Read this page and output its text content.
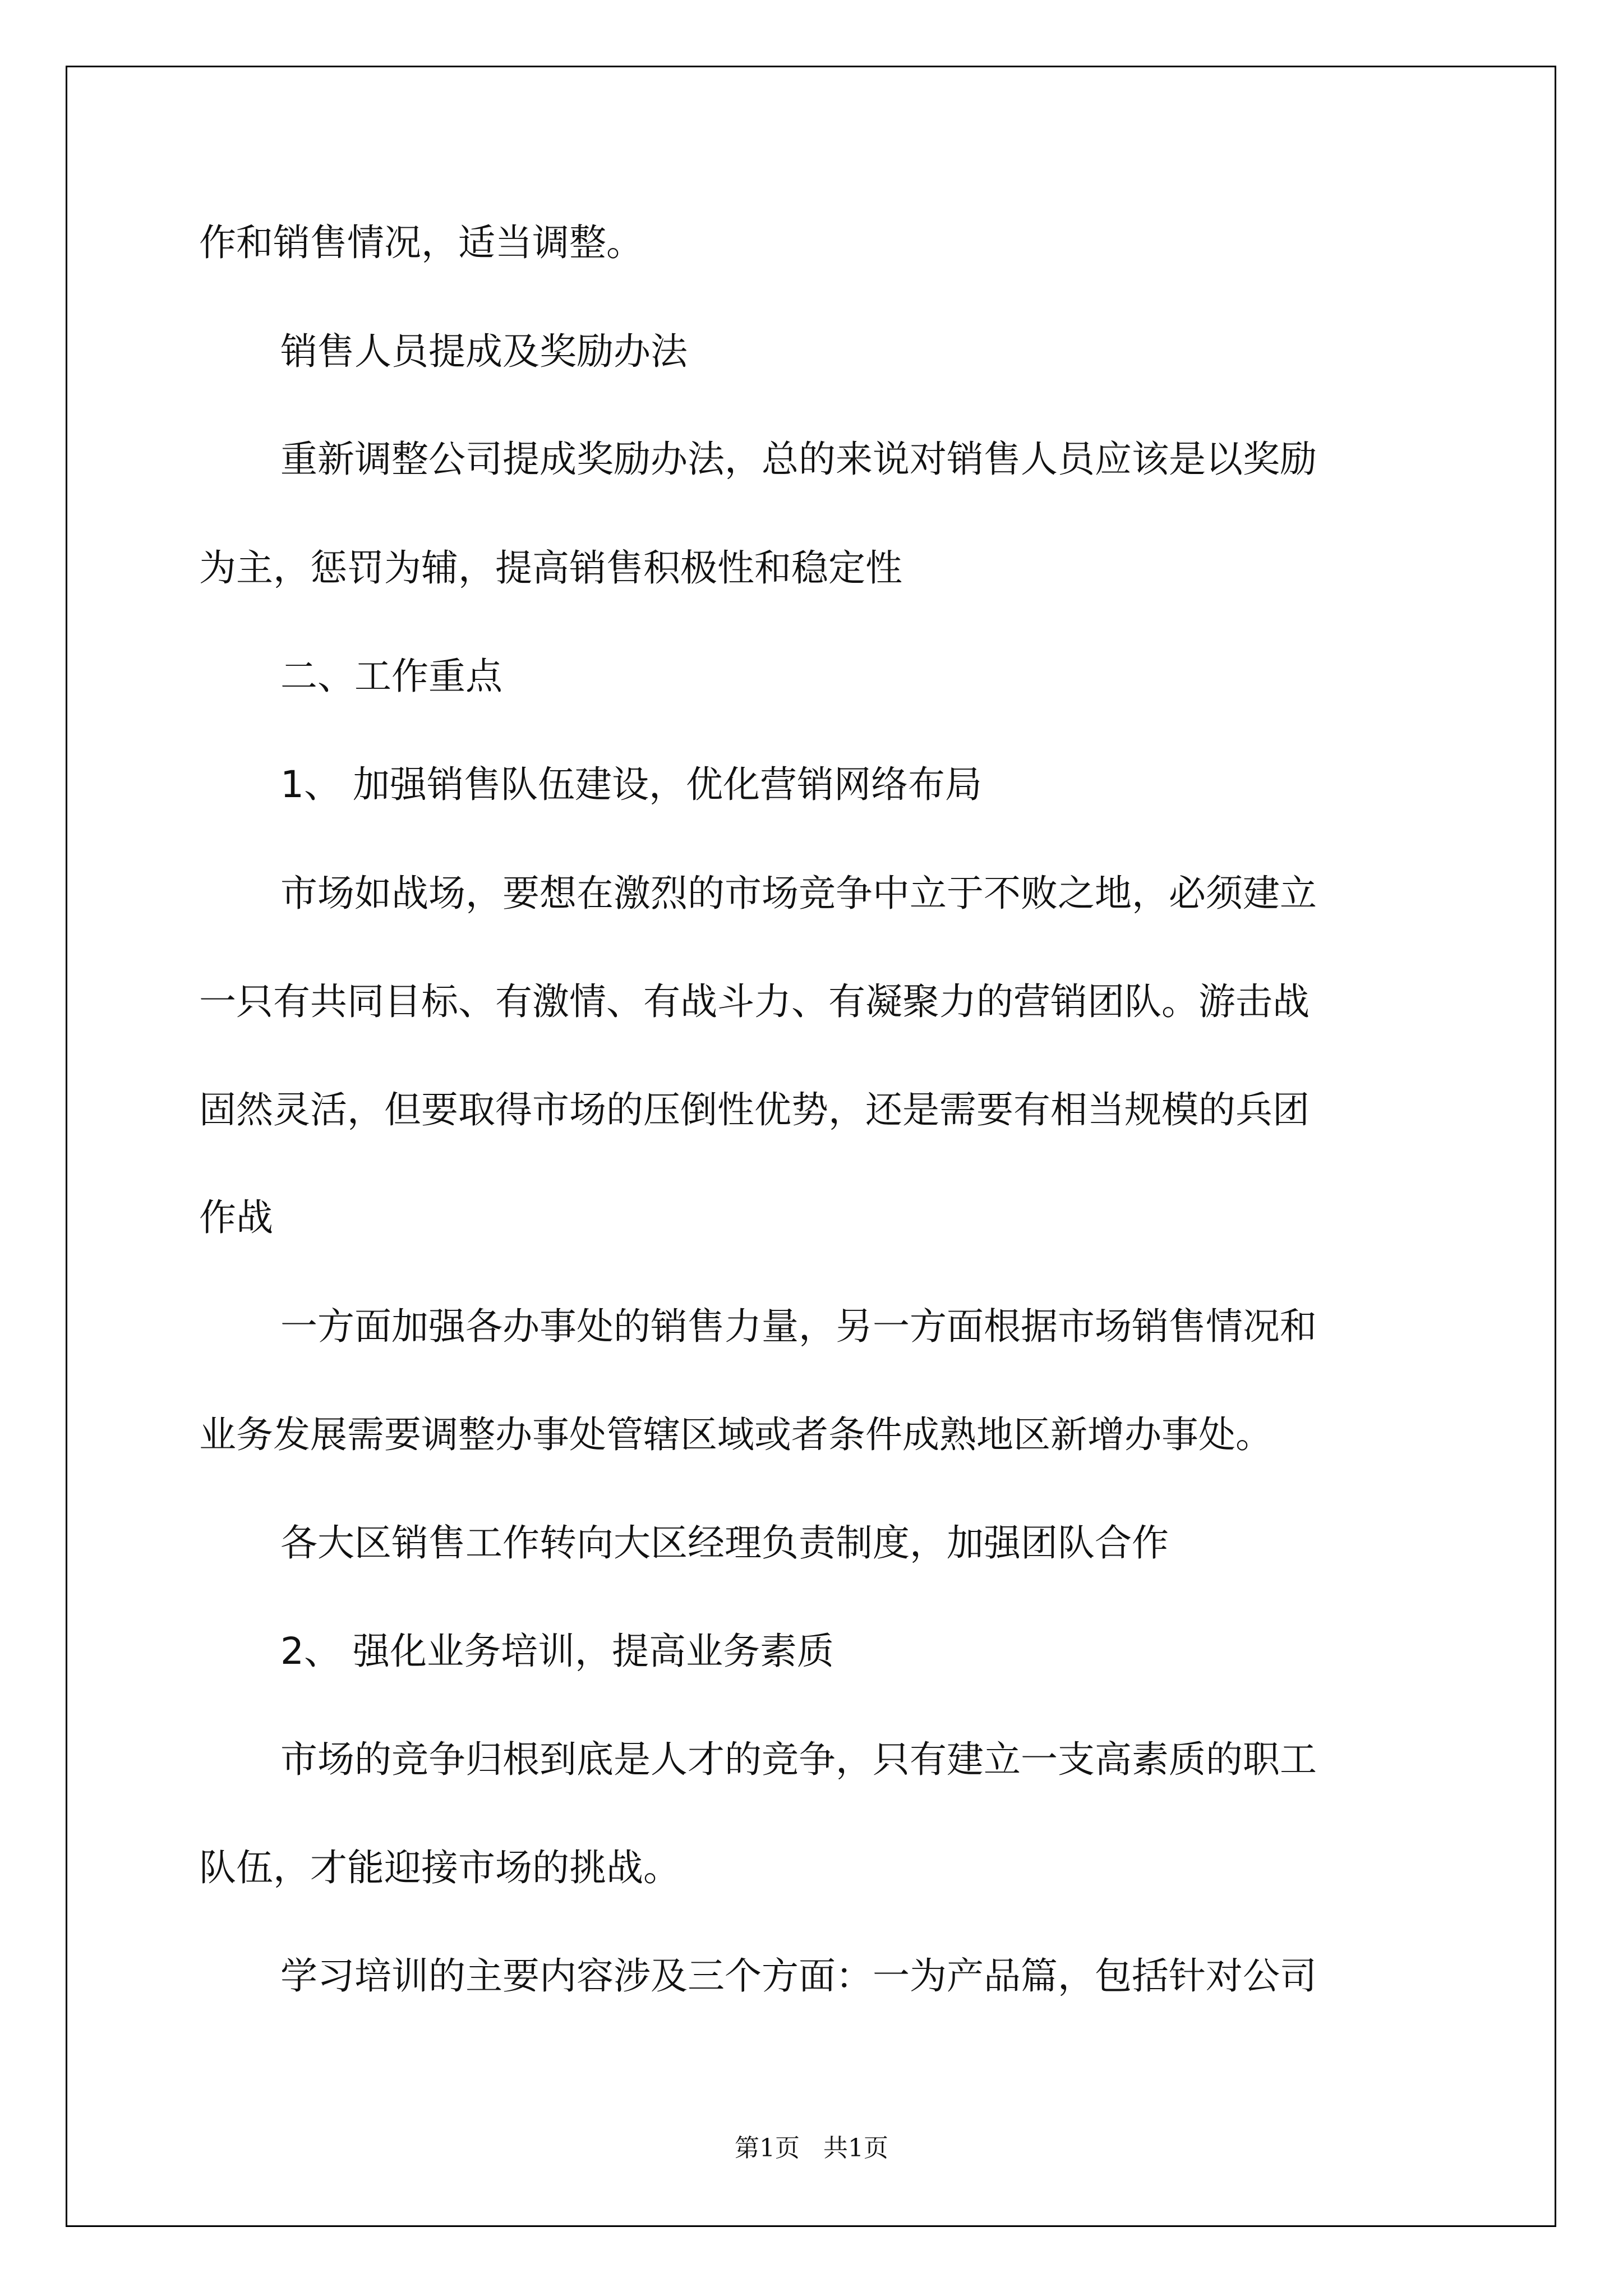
作和销售情况，适当调整。

销售人员提成及奖励办法

重新调整公司提成奖励办法，总的来说对销售人员应该是以奖励

为主，惩罚为辅，提高销售积极性和稳定性

二、工作重点

1、 加强销售队伍建设，优化营销网络布局

市场如战场，要想在激烈的市场竞争中立于不败之地，必须建立

一只有共同目标、有激情、有战斗力、有凝聚力的营销团队。游击战

固然灵活，但要取得市场的压倒性优势，还是需要有相当规模的兵团

作战

一方面加强各办事处的销售力量，另一方面根据市场销售情况和

业务发展需要调整办事处管辖区域或者条件成熟地区新增办事处。

各大区销售工作转向大区经理负责制度，加强团队合作

2、 强化业务培训，提高业务素质

市场的竞争归根到底是人才的竞争，只有建立一支高素质的职工

队伍，才能迎接市场的挑战。

学习培训的主要内容涉及三个方面：一为产品篇，包括针对公司

第1页 共1页
